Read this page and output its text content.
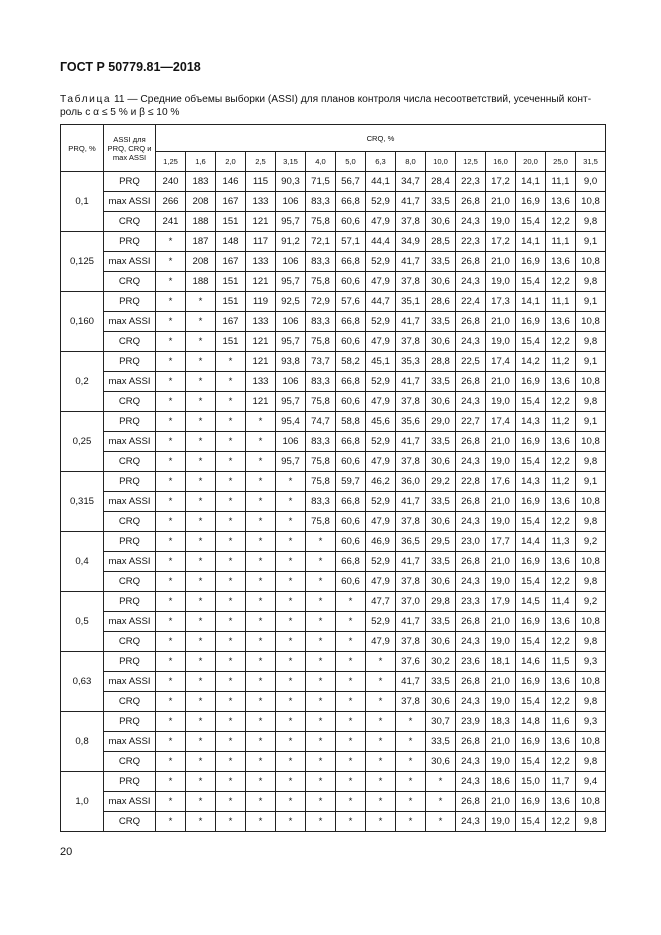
ГОСТ Р 50779.81—2018
Таблица 11 — Средние объемы выборки (ASSI) для планов контроля числа несоответствий, усеченный конт-роль с α ≤ 5 % и β ≤ 10 %
PRQ, %	ASSI для PRQ, CRQ и max ASSI	CRQ, %														
		1,25	1,6	2,0	2,5	3,15	4,0	5,0	6,3	8,0	10,0	12,5	16,0	20,0	25,0	31,5
0,1	PRQ	240	183	146	115	90,3	71,5	56,7	44,1	34,7	28,4	22,3	17,2	14,1	11,1	9,0
	max ASSI	266	208	167	133	106	83,3	66,8	52,9	41,7	33,5	26,8	21,0	16,9	13,6	10,8
	CRQ	241	188	151	121	95,7	75,8	60,6	47,9	37,8	30,6	24,3	19,0	15,4	12,2	9,8
0,125	PRQ	*	187	148	117	91,2	72,1	57,1	44,4	34,9	28,5	22,3	17,2	14,1	11,1	9,1
	max ASSI	*	208	167	133	106	83,3	66,8	52,9	41,7	33,5	26,8	21,0	16,9	13,6	10,8
	CRQ	*	188	151	121	95,7	75,8	60,6	47,9	37,8	30,6	24,3	19,0	15,4	12,2	9,8
0,160	PRQ	*	*	151	119	92,5	72,9	57,6	44,7	35,1	28,6	22,4	17,3	14,1	11,1	9,1
	max ASSI	*	*	167	133	106	83,3	66,8	52,9	41,7	33,5	26,8	21,0	16,9	13,6	10,8
	CRQ	*	*	151	121	95,7	75,8	60,6	47,9	37,8	30,6	24,3	19,0	15,4	12,2	9,8
0,2	PRQ	*	*	*	121	93,8	73,7	58,2	45,1	35,3	28,8	22,5	17,4	14,2	11,2	9,1
	max ASSI	*	*	*	133	106	83,3	66,8	52,9	41,7	33,5	26,8	21,0	16,9	13,6	10,8
	CRQ	*	*	*	121	95,7	75,8	60,6	47,9	37,8	30,6	24,3	19,0	15,4	12,2	9,8
0,25	PRQ	*	*	*	*	95,4	74,7	58,8	45,6	35,6	29,0	22,7	17,4	14,3	11,2	9,1
	max ASSI	*	*	*	*	106	83,3	66,8	52,9	41,7	33,5	26,8	21,0	16,9	13,6	10,8
	CRQ	*	*	*	*	95,7	75,8	60,6	47,9	37,8	30,6	24,3	19,0	15,4	12,2	9,8
0,315	PRQ	*	*	*	*	*	75,8	59,7	46,2	36,0	29,2	22,8	17,6	14,3	11,2	9,1
	max ASSI	*	*	*	*	*	83,3	66,8	52,9	41,7	33,5	26,8	21,0	16,9	13,6	10,8
	CRQ	*	*	*	*	*	75,8	60,6	47,9	37,8	30,6	24,3	19,0	15,4	12,2	9,8
0,4	PRQ	*	*	*	*	*	*	60,6	46,9	36,5	29,5	23,0	17,7	14,4	11,3	9,2
	max ASSI	*	*	*	*	*	*	66,8	52,9	41,7	33,5	26,8	21,0	16,9	13,6	10,8
	CRQ	*	*	*	*	*	*	60,6	47,9	37,8	30,6	24,3	19,0	15,4	12,2	9,8
0,5	PRQ	*	*	*	*	*	*	*	47,7	37,0	29,8	23,3	17,9	14,5	11,4	9,2
	max ASSI	*	*	*	*	*	*	*	52,9	41,7	33,5	26,8	21,0	16,9	13,6	10,8
	CRQ	*	*	*	*	*	*	*	47,9	37,8	30,6	24,3	19,0	15,4	12,2	9,8
0,63	PRQ	*	*	*	*	*	*	*	*	37,6	30,2	23,6	18,1	14,6	11,5	9,3
	max ASSI	*	*	*	*	*	*	*	*	41,7	33,5	26,8	21,0	16,9	13,6	10,8
	CRQ	*	*	*	*	*	*	*	*	37,8	30,6	24,3	19,0	15,4	12,2	9,8
0,8	PRQ	*	*	*	*	*	*	*	*	*	30,7	23,9	18,3	14,8	11,6	9,3
	max ASSI	*	*	*	*	*	*	*	*	*	33,5	26,8	21,0	16,9	13,6	10,8
	CRQ	*	*	*	*	*	*	*	*	*	30,6	24,3	19,0	15,4	12,2	9,8
1,0	PRQ	*	*	*	*	*	*	*	*	*	*	24,3	18,6	15,0	11,7	9,4
	max ASSI	*	*	*	*	*	*	*	*	*	*	26,8	21,0	16,9	13,6	10,8
	CRQ	*	*	*	*	*	*	*	*	*	*	24,3	19,0	15,4	12,2	9,8
20
